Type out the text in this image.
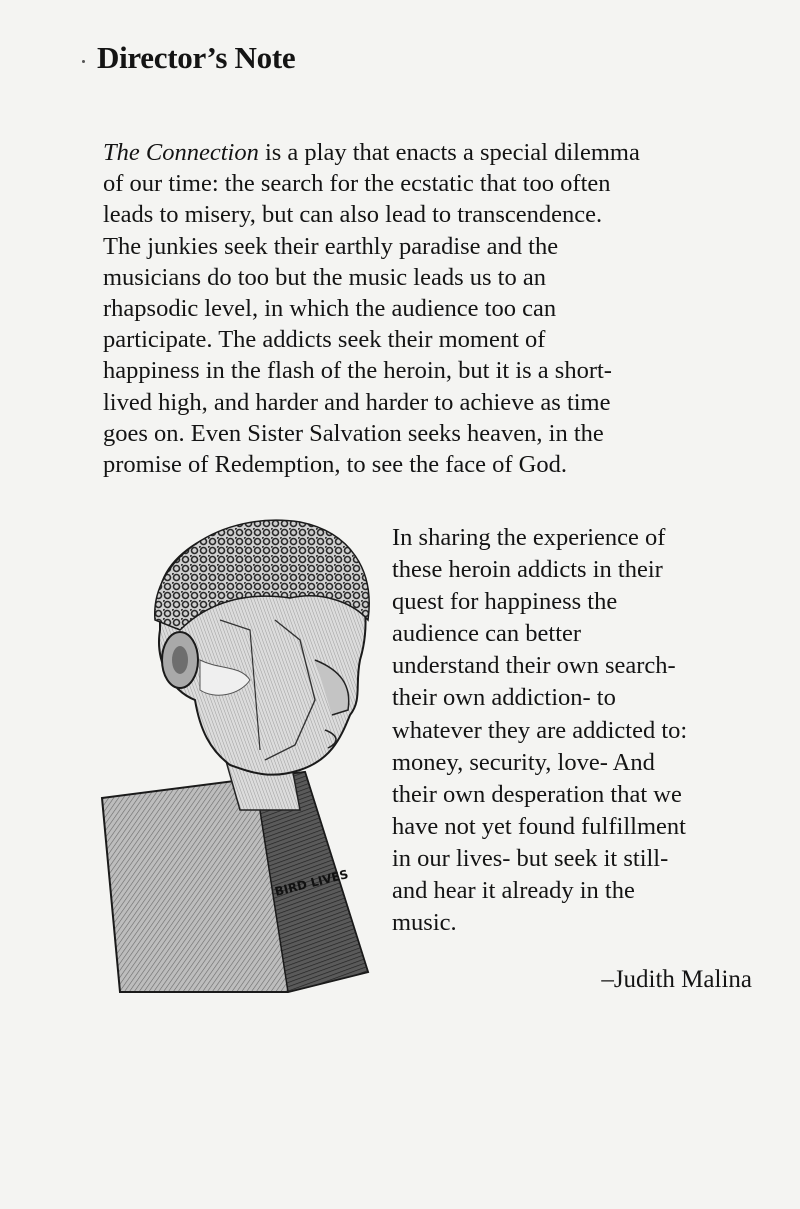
Director’s Note

The Connection is a play that enacts a special dilemma
of our time: the search for the ecstatic that too often
leads to misery, but can also lead to transcendence.
The junkies seek their earthly paradise and the
musicians do too but the music leads us to an
rhapsodic level, in which the audience too can
participate. The addicts seek their moment of
happiness in the flash of the heroin, but it is a short-
lived high, and harder and harder to achieve as time
goes on. Even Sister Salvation seeks heaven, in the
promise of Redemption, to see the face of God.

BIRD LIVES

In sharing the experience of
these heroin addicts in their
quest for happiness the
audience can better
understand their own search-
their own addiction- to
whatever they are addicted to:
money, security, love- And
their own desperation that we
have not yet found fulfillment
in our lives- but seek it still-
and hear it already in the
music.

–Judith Malina
